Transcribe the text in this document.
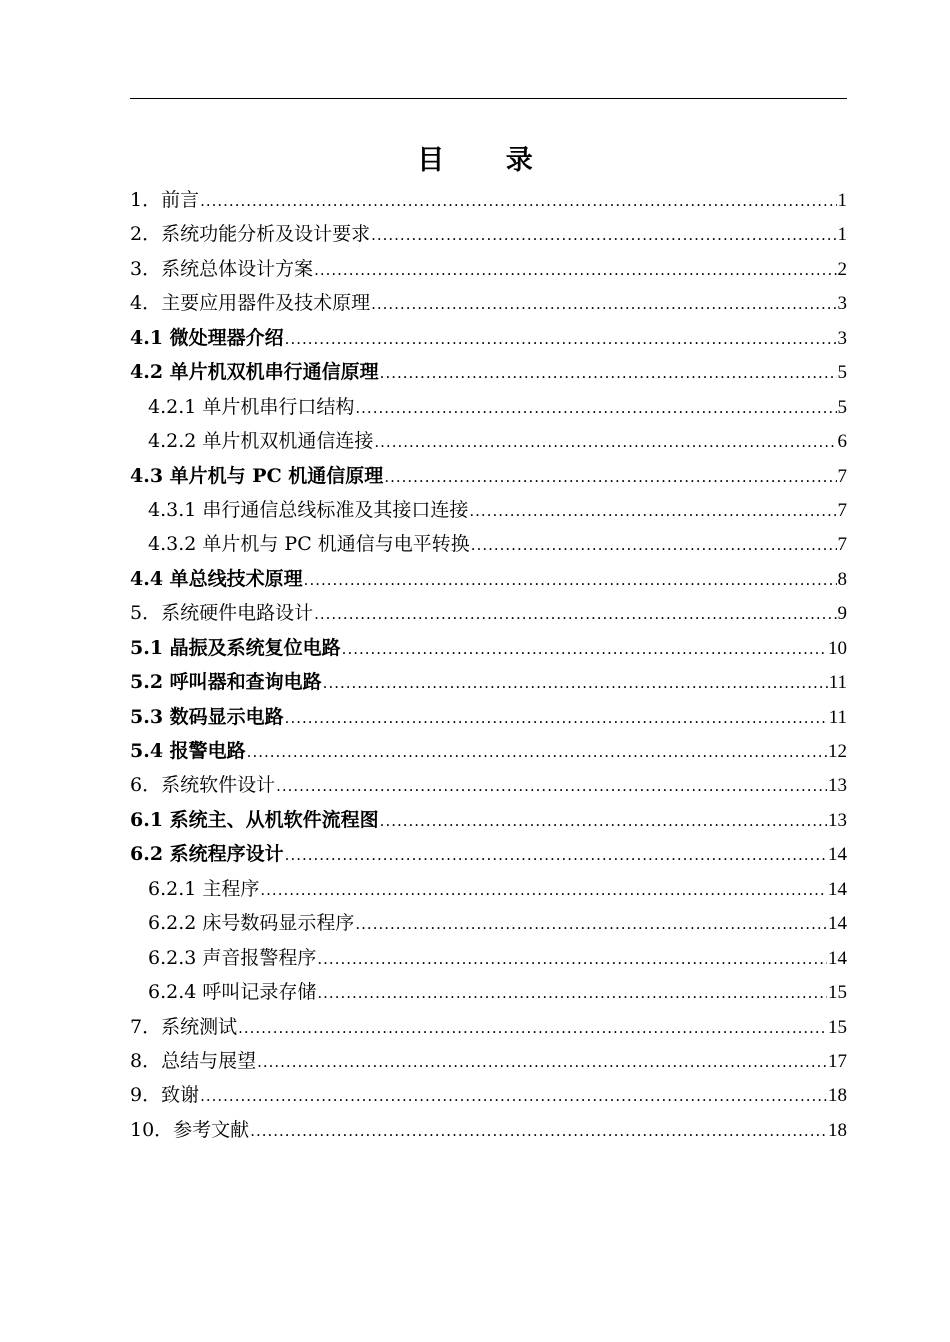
目 录
1．前言 .....	1
2．系统功能分析及设计要求 .....	1
3．系统总体设计方案 .....	2
4．主要应用器件及技术原理 .....	3
4.1 微处理器介绍 .....	3
4.2 单片机双机串行通信原理 .....	5
4.2.1 单片机串行口结构 .....	5
4.2.2 单片机双机通信连接 .....	6
4.3 单片机与 PC 机通信原理 .....	7
4.3.1 串行通信总线标准及其接口连接 .....	7
4.3.2 单片机与 PC 机通信与电平转换 .....	7
4.4 单总线技术原理 .....	8
5．系统硬件电路设计 .....	9
5.1 晶振及系统复位电路 .....	10
5.2 呼叫器和查询电路 .....	11
5.3 数码显示电路 .....	11
5.4 报警电路 .....	12
6．系统软件设计 .....	13
6.1 系统主、从机软件流程图 .....	13
6.2 系统程序设计 .....	14
6.2.1 主程序 .....	14
6.2.2 床号数码显示程序 .....	14
6.2.3 声音报警程序 .....	14
6.2.4 呼叫记录存储 .....	15
7．系统测试 .....	15
8．总结与展望 .....	17
9．致谢 .....	18
10．参考文献 .....	18
